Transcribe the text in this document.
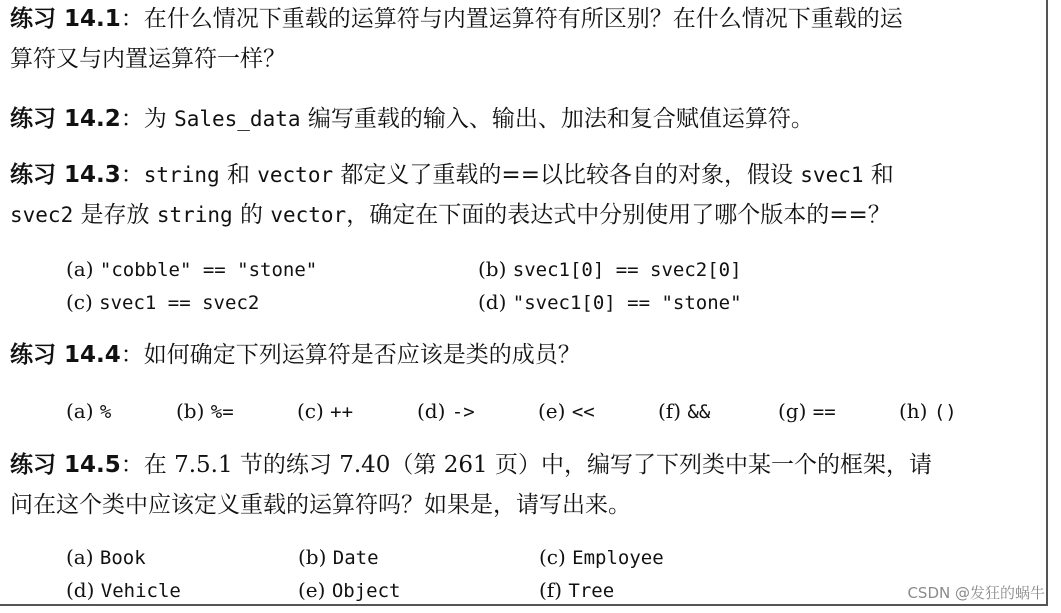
练习 14.1：在什么情况下重载的运算符与内置运算符有所区别？在什么情况下重载的运
算符又与内置运算符一样？
练习 14.2：为 Sales_data 编写重载的输入、输出、加法和复合赋值运算符。
练习 14.3：string 和 vector 都定义了重载的==以比较各自的对象，假设 svec1 和
svec2 是存放 string 的 vector，确定在下面的表达式中分别使用了哪个版本的==？
(a) "cobble" == "stone"	(b) svec1[0] == svec2[0]
(c) svec1 == svec2	(d) "svec1[0] == "stone"
练习 14.4：如何确定下列运算符是否应该是类的成员？
(a) %	(b) %=	(c) ++	(d) ->	(e) <<	(f) &&	(g) ==	(h) ()
练习 14.5：在 7.5.1 节的练习 7.40（第 261 页）中，编写了下列类中某一个的框架，请
问在这个类中应该定义重载的运算符吗？如果是，请写出来。
(a) Book	(b) Date	(c) Employee
(d) Vehicle	(e) Object	(f) Tree	CSDN @发狂的蜗牛
